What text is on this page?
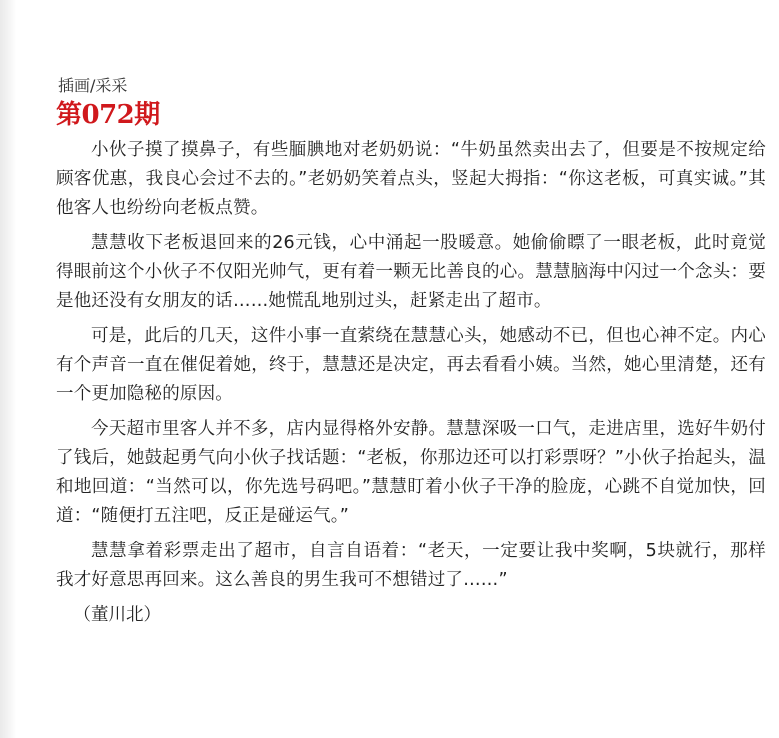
插画/采采
第072期

小伙子摸了摸鼻子，有些腼腆地对老奶奶说：“牛奶虽然卖出去了，但要是不按规定给顾客优惠，我良心会过不去的。”老奶奶笑着点头，竖起大拇指：“你这老板，可真实诚。”其他客人也纷纷向老板点赞。

慧慧收下老板退回来的26元钱，心中涌起一股暖意。她偷偷瞟了一眼老板，此时竟觉得眼前这个小伙子不仅阳光帅气，更有着一颗无比善良的心。慧慧脑海中闪过一个念头：要是他还没有女朋友的话……她慌乱地别过头，赶紧走出了超市。

可是，此后的几天，这件小事一直萦绕在慧慧心头，她感动不已，但也心神不定。内心有个声音一直在催促着她，终于，慧慧还是决定，再去看看小姨。当然，她心里清楚，还有一个更加隐秘的原因。

今天超市里客人并不多，店内显得格外安静。慧慧深吸一口气，走进店里，选好牛奶付了钱后，她鼓起勇气向小伙子找话题：“老板，你那边还可以打彩票呀？”小伙子抬起头，温和地回道：“当然可以，你先选号码吧。”慧慧盯着小伙子干净的脸庞，心跳不自觉加快，回道：“随便打五注吧，反正是碰运气。”

慧慧拿着彩票走出了超市，自言自语着：“老天，一定要让我中奖啊，5块就行，那样我才好意思再回来。这么善良的男生我可不想错过了……”

（董川北）
